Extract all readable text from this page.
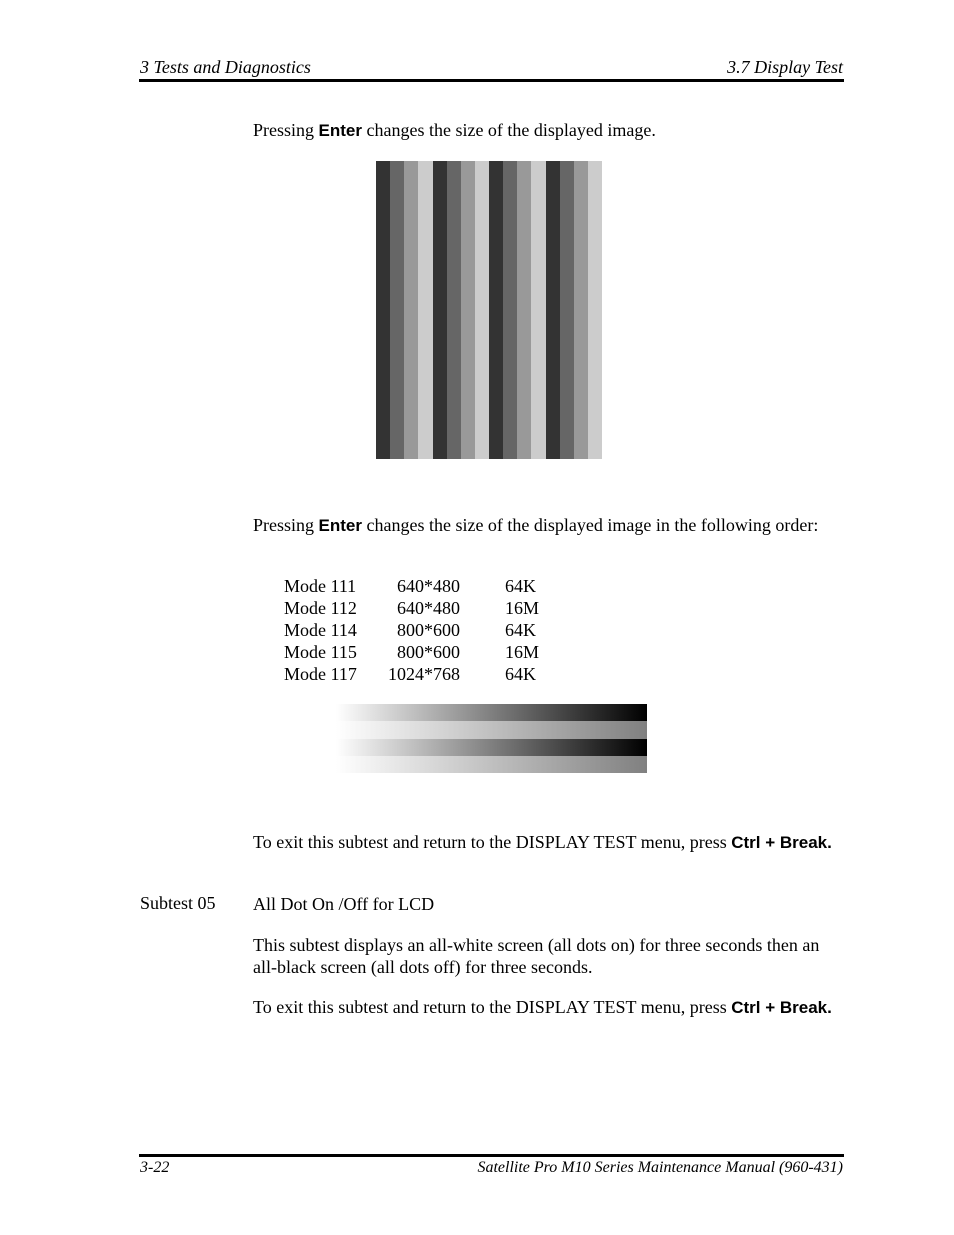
3 Tests and Diagnostics	3.7 Display Test
Pressing Enter changes the size of the displayed image.
Pressing Enter changes the size of the displayed image in the following order:
Mode 111	640*480	64K
Mode 112	640*480	16M
Mode 114	800*600	64K
Mode 115	800*600	16M
Mode 117 1024*768	64K
To exit this subtest and return to the DISPLAY TEST menu, press Ctrl + Break.
Subtest 05 All Dot On /Off for LCD
This subtest displays an all-white screen (all dots on) for three seconds then an all-black screen (all dots off) for three seconds.
To exit this subtest and return to the DISPLAY TEST menu, press Ctrl + Break.
3-22	Satellite Pro M10 Series Maintenance Manual (960-431)
